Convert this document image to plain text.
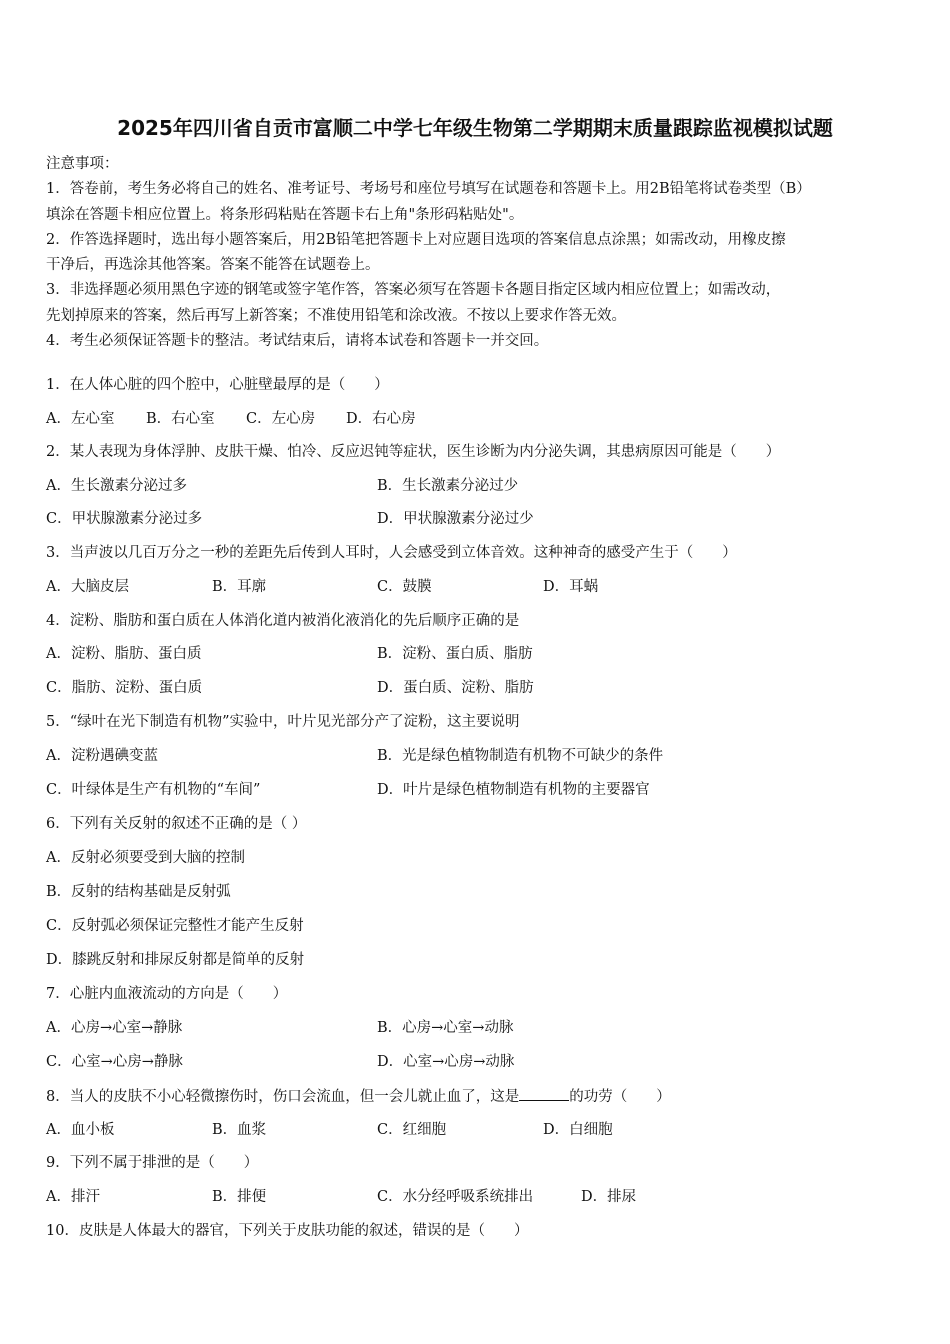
2025年四川省自贡市富顺二中学七年级生物第二学期期末质量跟踪监视模拟试题

注意事项：

1．答卷前，考生务必将自己的姓名、准考证号、考场号和座位号填写在试题卷和答题卡上。用2B铅笔将试卷类型（B）

填涂在答题卡相应位置上。将条形码粘贴在答题卡右上角"条形码粘贴处"。

2．作答选择题时，选出每小题答案后，用2B铅笔把答题卡上对应题目选项的答案信息点涂黑；如需改动，用橡皮擦

干净后，再选涂其他答案。答案不能答在试题卷上。

3．非选择题必须用黑色字迹的钢笔或签字笔作答，答案必须写在答题卡各题目指定区域内相应位置上；如需改动，

先划掉原来的答案，然后再写上新答案；不准使用铅笔和涂改液。不按以上要求作答无效。

4．考生必须保证答题卡的整洁。考试结束后，请将本试卷和答题卡一并交回。

1．在人体心脏的四个腔中，心脏壁最厚的是（　　）
A．左心室 B．右心室 C．左心房 D．右心房
2．某人表现为身体浮肿、皮肤干燥、怕冷、反应迟钝等症状，医生诊断为内分泌失调，其患病原因可能是（　　）
A．生长激素分泌过多	B．生长激素分泌过少
C．甲状腺激素分泌过多	D．甲状腺激素分泌过少
3．当声波以几百万分之一秒的差距先后传到人耳时，人会感受到立体音效。这种神奇的感受产生于（　　）
A．大脑皮层	B．耳廓	C．鼓膜	D．耳蜗
4．淀粉、脂肪和蛋白质在人体消化道内被消化液消化的先后顺序正确的是
A．淀粉、脂肪、蛋白质	B．淀粉、蛋白质、脂肪
C．脂肪、淀粉、蛋白质	D．蛋白质、淀粉、脂肪
5．“绿叶在光下制造有机物”实验中，叶片见光部分产了淀粉，这主要说明
A．淀粉遇碘变蓝	B．光是绿色植物制造有机物不可缺少的条件
C．叶绿体是生产有机物的“车间”	D．叶片是绿色植物制造有机物的主要器官
6．下列有关反射的叙述不正确的是（ ）
A．反射必须要受到大脑的控制
B．反射的结构基础是反射弧
C．反射弧必须保证完整性才能产生反射
D．膝跳反射和排尿反射都是简单的反射
7．心脏内血液流动的方向是（　　）
A．心房→心室→静脉	B．心房→心室→动脉
C．心室→心房→静脉	D．心室→心房→动脉
8．当人的皮肤不小心轻微擦伤时，伤口会流血，但一会儿就止血了，这是	的功劳（　　）
A．血小板	B．血浆	C．红细胞	D．白细胞
9．下列不属于排泄的是（　　）
A．排汗	B．排便	C．水分经呼吸系统排出	D．排尿
10．皮肤是人体最大的器官，下列关于皮肤功能的叙述，错误的是（　　）
